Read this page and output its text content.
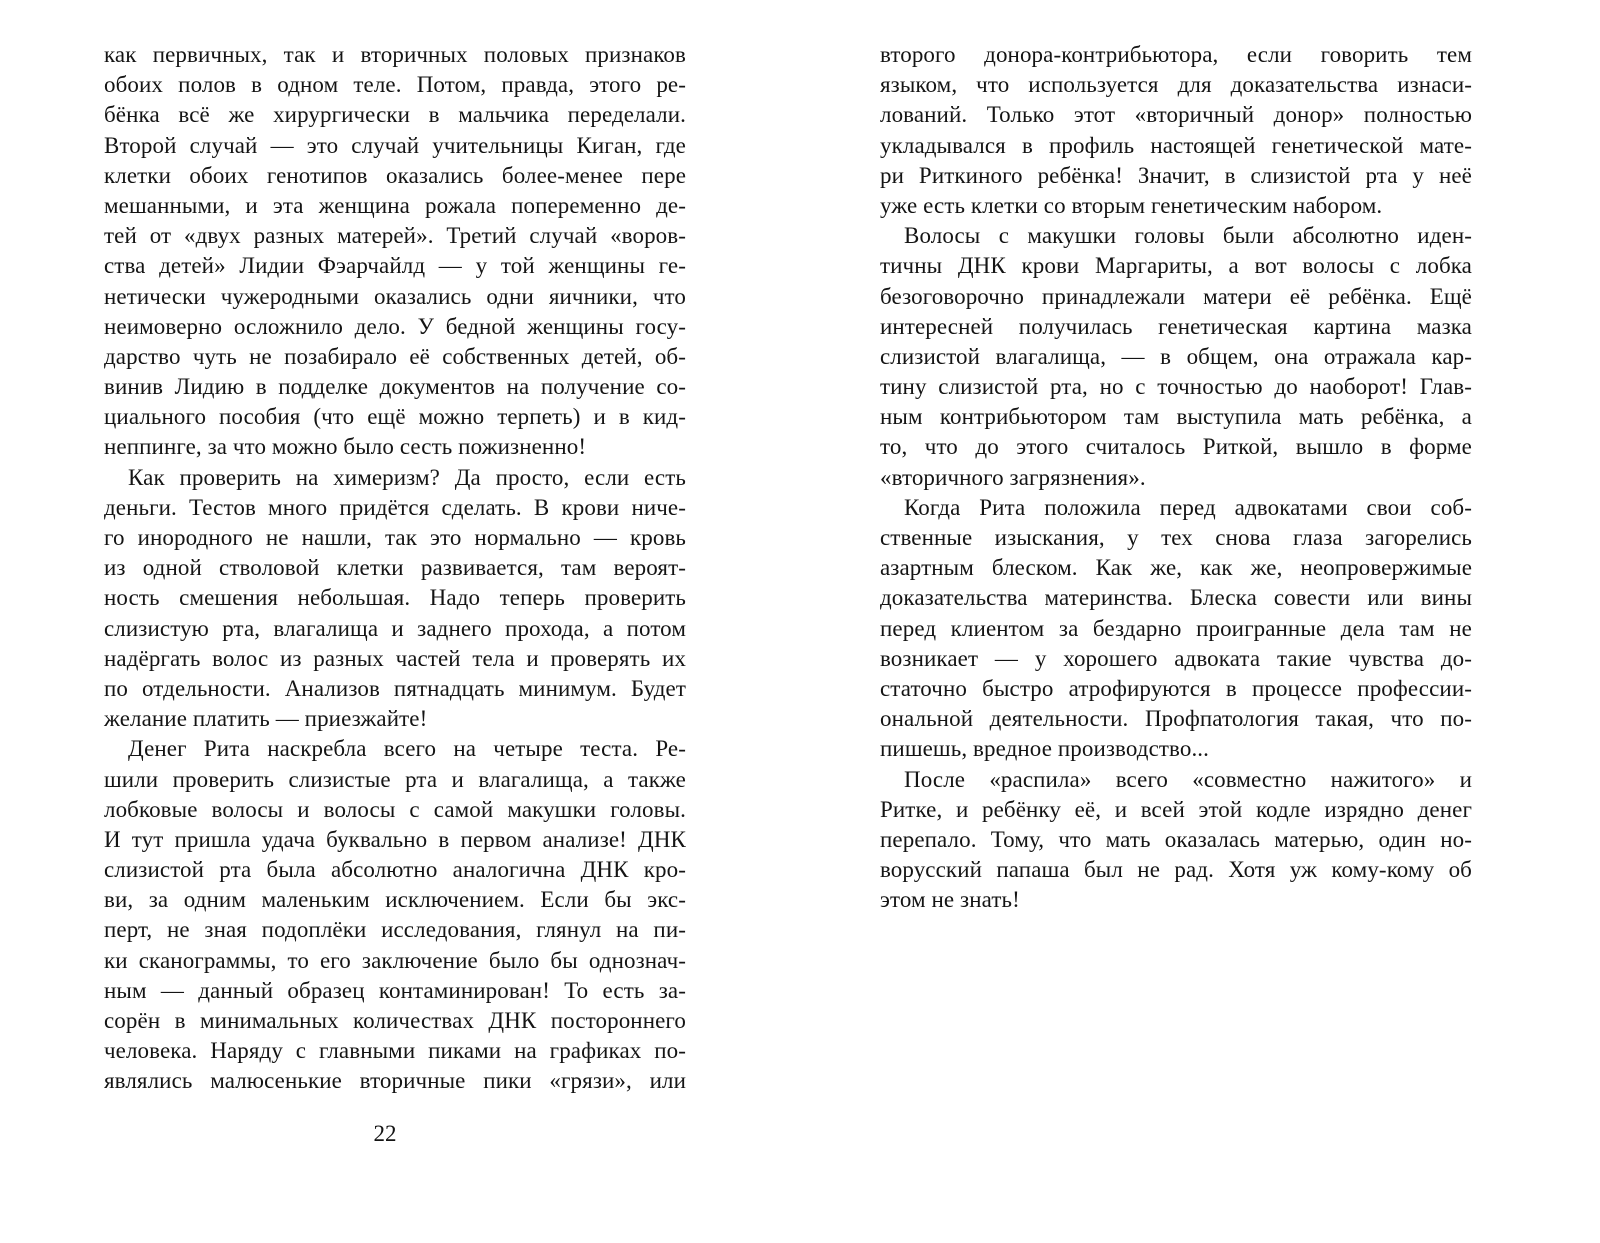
как первичных, так и вторичных половых признаков
обоих полов в одном теле. Потом, правда, этого ре-
бёнка всё же хирургически в мальчика переделали.
Второй случай — это случай учительницы Киган, где
клетки обоих генотипов оказались более-менее пере
мешанными, и эта женщина рожала попеременно де-
тей от «двух разных матерей». Третий случай «воров-
ства детей» Лидии Фэарчайлд — у той женщины ге-
нетически чужеродными оказались одни яичники, что
неимоверно осложнило дело. У бедной женщины госу-
дарство чуть не позабирало её собственных детей, об-
винив Лидию в подделке документов на получение со-
циального пособия (что ещё можно терпеть) и в кид-
неппинге, за что можно было сесть пожизненно!
Как проверить на химеризм? Да просто, если есть
деньги. Тестов много придётся сделать. В крови ниче-
го инородного не нашли, так это нормально — кровь
из одной стволовой клетки развивается, там вероят-
ность смешения небольшая. Надо теперь проверить
слизистую рта, влагалища и заднего прохода, а потом
надёргать волос из разных частей тела и проверять их
по отдельности. Анализов пятнадцать минимум. Будет
желание платить — приезжайте!
Денег Рита наскребла всего на четыре теста. Ре-
шили проверить слизистые рта и влагалища, а также
лобковые волосы и волосы с самой макушки головы.
И тут пришла удача буквально в первом анализе! ДНК
слизистой рта была абсолютно аналогична ДНК кро-
ви, за одним маленьким исключением. Если бы экс-
перт, не зная подоплёки исследования, глянул на пи-
ки сканограммы, то его заключение было бы однознач-
ным — данный образец контаминирован! То есть за-
сорён в минимальных количествах ДНК постороннего
человека. Наряду с главными пиками на графиках по-
являлись малюсенькие вторичные пики «грязи», или
второго донора-контрибьютора, если говорить тем
языком, что используется для доказательства изнаси-
лований. Только этот «вторичный донор» полностью
укладывался в профиль настоящей генетической мате-
ри Риткиного ребёнка! Значит, в слизистой рта у неё
уже есть клетки со вторым генетическим набором.
Волосы с макушки головы были абсолютно иден-
тичны ДНК крови Маргариты, а вот волосы с лобка
безоговорочно принадлежали матери её ребёнка. Ещё
интересней получилась генетическая картина мазка
слизистой влагалища, — в общем, она отражала кар-
тину слизистой рта, но с точностью до наоборот! Глав-
ным контрибьютором там выступила мать ребёнка, а
то, что до этого считалось Риткой, вышло в форме
«вторичного загрязнения».
Когда Рита положила перед адвокатами свои соб-
ственные изыскания, у тех снова глаза загорелись
азартным блеском. Как же, как же, неопровержимые
доказательства материнства. Блеска совести или вины
перед клиентом за бездарно проигранные дела там не
возникает — у хорошего адвоката такие чувства до-
статочно быстро атрофируются в процессе профессии-
ональной деятельности. Профпатология такая, что по-
пишешь, вредное производство...
После «распила» всего «совместно нажитого» и
Ритке, и ребёнку её, и всей этой кодле изрядно денег
перепало. Тому, что мать оказалась матерью, один но-
ворусский папаша был не рад. Хотя уж кому-кому об
этом не знать!
22
